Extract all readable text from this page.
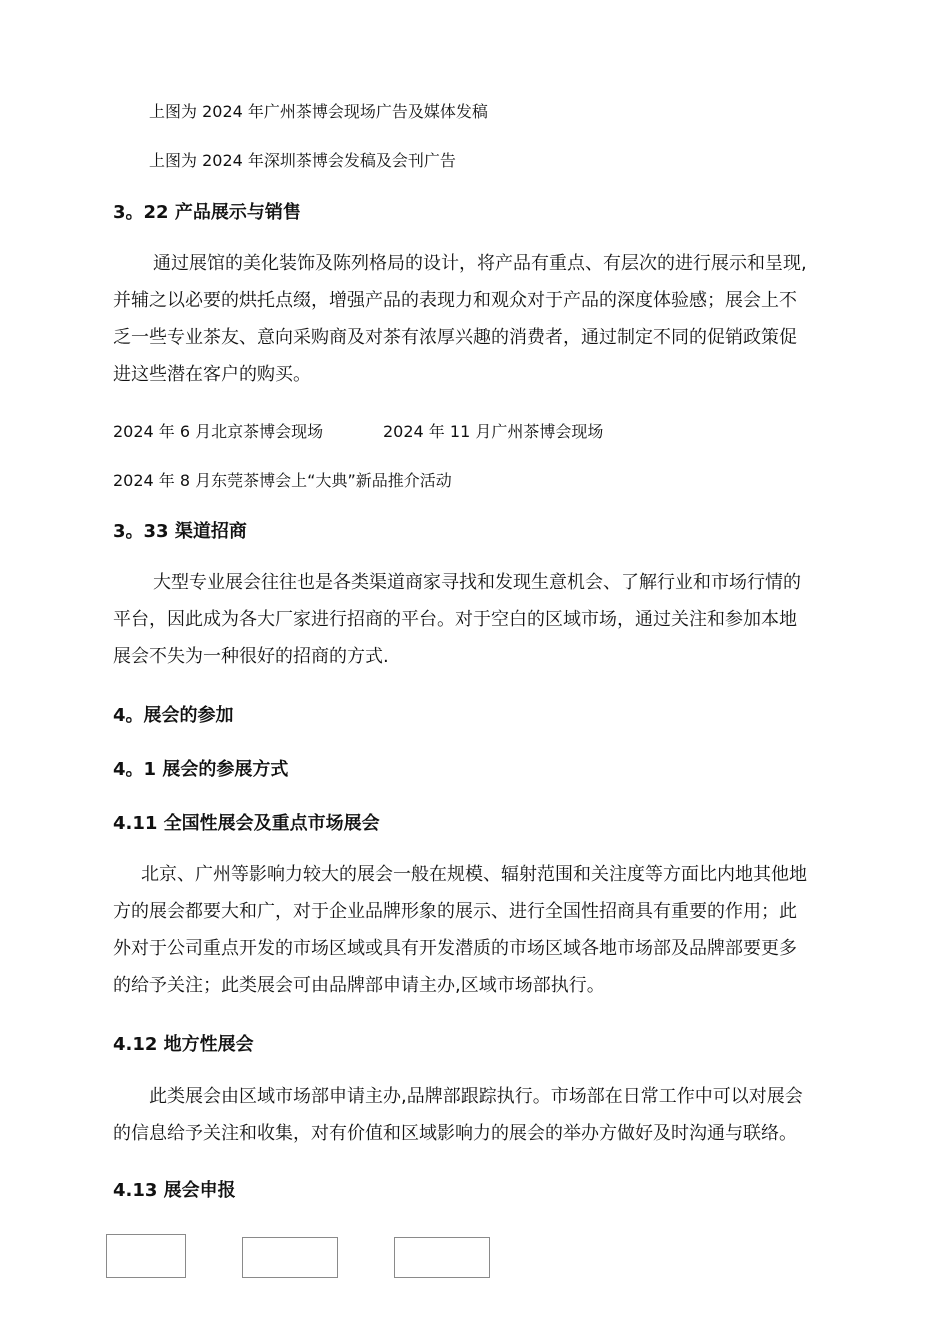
上图为 2024 年广州茶博会现场广告及媒体发稿
上图为 2024 年深圳茶博会发稿及会刊广告
3。22 产品展示与销售

通过展馆的美化装饰及陈列格局的设计，将产品有重点、有层次的进行展示和呈现,

并辅之以必要的烘托点缀，增强产品的表现力和观众对于产品的深度体验感；展会上不

乏一些专业茶友、意向采购商及对茶有浓厚兴趣的消费者，通过制定不同的促销政策促

进这些潜在客户的购买。

2024 年 6 月北京茶博会现场	2024 年 11 月广州茶博会现场
2024 年 8 月东莞茶博会上“大典”新品推介活动
3。33 渠道招商

大型专业展会往往也是各类渠道商家寻找和发现生意机会、了解行业和市场行情的

平台，因此成为各大厂家进行招商的平台。对于空白的区域市场，通过关注和参加本地

展会不失为一种很好的招商的方式.

4。展会的参加
4。1 展会的参展方式
4.11 全国性展会及重点市场展会

北京、广州等影响力较大的展会一般在规模、辐射范围和关注度等方面比内地其他地

方的展会都要大和广，对于企业品牌形象的展示、进行全国性招商具有重要的作用；此

外对于公司重点开发的市场区域或具有开发潜质的市场区域各地市场部及品牌部要更多

的给予关注；此类展会可由品牌部申请主办,区域市场部执行。

4.12 地方性展会

此类展会由区域市场部申请主办,品牌部跟踪执行。市场部在日常工作中可以对展会

的信息给予关注和收集，对有价值和区域影响力的展会的举办方做好及时沟通与联络。

4.13 展会申报
